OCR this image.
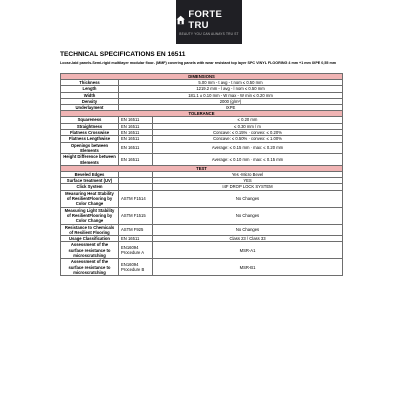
FORTE TRU
BEAUTY YOU CAN ALWAYS TRU ST
TECHNICAL SPECIFICATIONS EN 16511
Loose-laid panels-Semi-rigid multilayer modular floor- (MMF) covering panels with wear resistant top layer SPC VINYL FLOORING 4 mm +1 mm IXPE 0,55 mm
DIMENSIONS		
Thickness	5.00 mm - t avg - t nom ≤ 0.50 mm	
Length	1219.2 mm - l avg - l nom ≤ 0.50 mm	
Width	181.1 ± 0.10 mm - W max - W min ≤ 0.20 mm	
Density	2000 (g/m²)	
Underlayment	IXPE	
TOLERANCE		
Squareness	EN 16511	≤ 0.20 mm
Straightness	EN 16511	≤ 0.30 mm / m
Flatness Crosswise	EN 16511	Concave: ≤ 0.15% · convex: ≤ 0.20%
Flatness Lengthwise	EN 16511	Concave: ≤ 0.50% · convex: ≤ 1.00%
Openings between Elements	EN 16511	Average: ≤ 0.15 mm · max: ≤ 0.20 mm
Height Difference between Elements	EN 16511	Average: ≤ 0.10 mm · max: ≤ 0.15 mm
TEST		
Beveled Edges		Yes -Micro Bevel
Surface treatment (UV)		YES
Click System		I4F DROP LOCK SYSTEM
Measuring Heat Stability of ResilientFlooring by Color Change	ASTM F1514	No Changes
Measuring Light Stability of ResilientFlooring by Color Change	ASTM F1515	No Changes
Resistance to Chemicals of Resilient Flooring	ASTM F925	No Changes
Usage Classification	EN 16511	Class 23 / Class 33
Assessment of the surface resistance to microscratching	EN16094 Procedure A	MSR-A1
Assessment of the surface resistance to microscratching	EN16094 Procedure B	MSR-B1
